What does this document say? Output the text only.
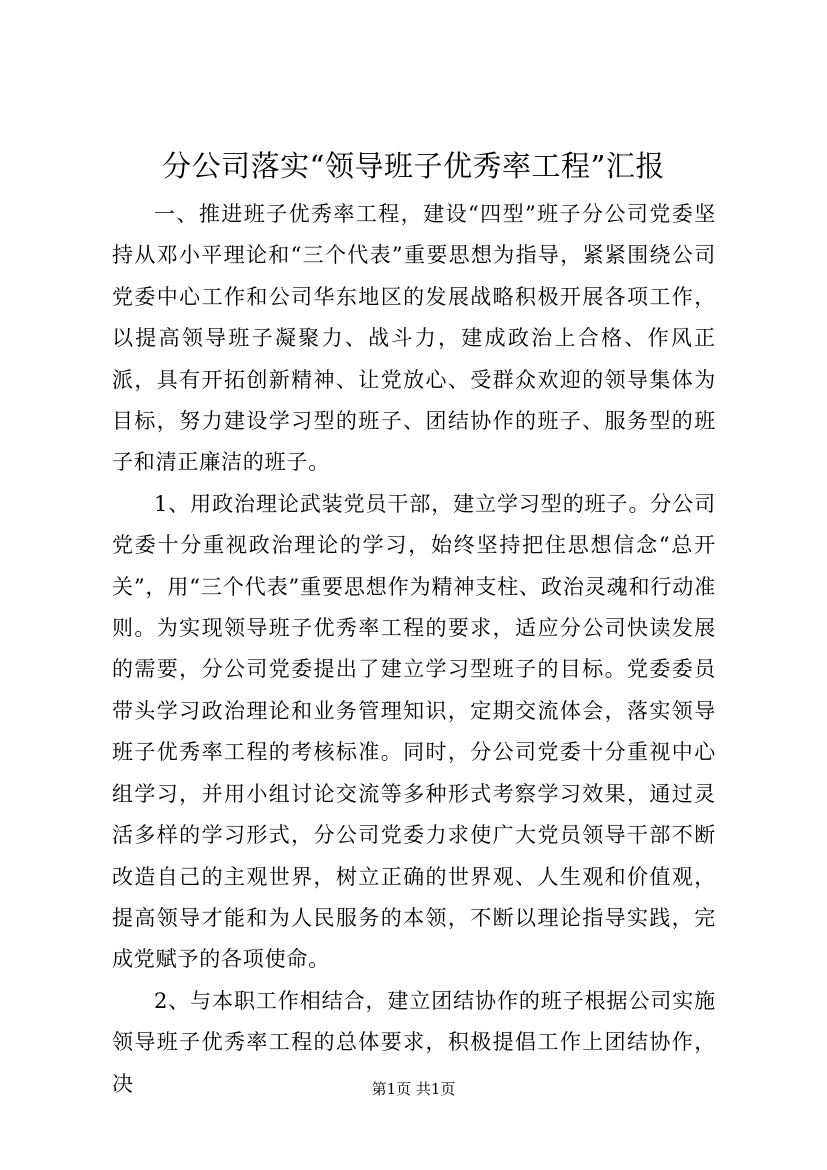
分公司落实“领导班子优秀率工程”汇报

一、推进班子优秀率工程，建设“四型”班子分公司党委坚持从邓小平理论和“三个代表”重要思想为指导，紧紧围绕公司党委中心工作和公司华东地区的发展战略积极开展各项工作，以提高领导班子凝聚力、战斗力，建成政治上合格、作风正派，具有开拓创新精神、让党放心、受群众欢迎的领导集体为目标，努力建设学习型的班子、团结协作的班子、服务型的班子和清正廉洁的班子。

1、用政治理论武装党员干部，建立学习型的班子。分公司党委十分重视政治理论的学习，始终坚持把住思想信念“总开关”，用“三个代表”重要思想作为精神支柱、政治灵魂和行动准则。为实现领导班子优秀率工程的要求，适应分公司快读发展的需要，分公司党委提出了建立学习型班子的目标。党委委员带头学习政治理论和业务管理知识，定期交流体会，落实领导班子优秀率工程的考核标准。同时，分公司党委十分重视中心组学习，并用小组讨论交流等多种形式考察学习效果，通过灵活多样的学习形式，分公司党委力求使广大党员领导干部不断改造自己的主观世界，树立正确的世界观、人生观和价值观，提高领导才能和为人民服务的本领，不断以理论指导实践，完成党赋予的各项使命。

2、与本职工作相结合，建立团结协作的班子根据公司实施领导班子优秀率工程的总体要求，积极提倡工作上团结协作，决	第1页 共1页
